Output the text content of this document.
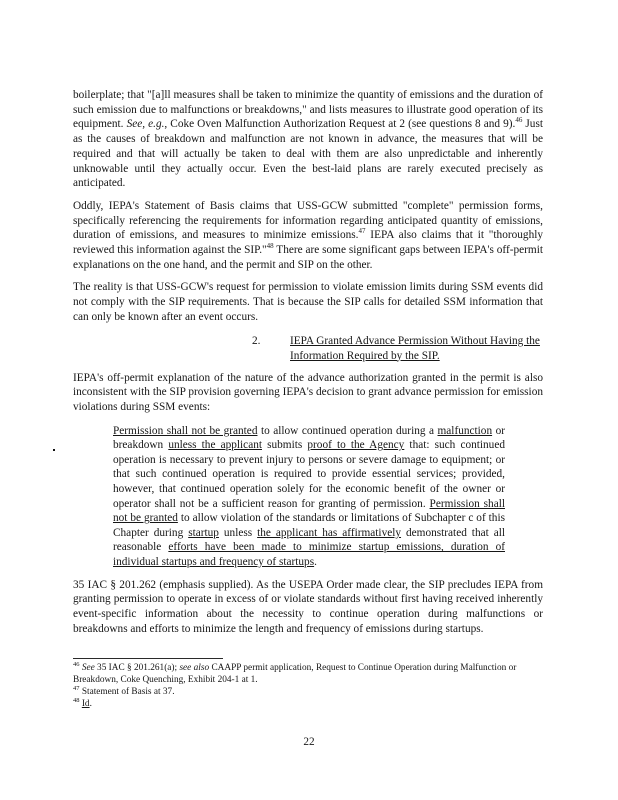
boilerplate; that "[a]ll measures shall be taken to minimize the quantity of emissions and the duration of such emission due to malfunctions or breakdowns," and lists measures to illustrate good operation of its equipment. See, e.g., Coke Oven Malfunction Authorization Request at 2 (see questions 8 and 9).$^{46}$ Just as the causes of breakdown and malfunction are not known in advance, the measures that will be required and that will actually be taken to deal with them are also unpredictable and inherently unknowable until they actually occur. Even the best-laid plans are rarely executed precisely as anticipated.

Oddly, IEPA's Statement of Basis claims that USS-GCW submitted "complete" permission forms, specifically referencing the requirements for information regarding anticipated quantity of emissions, duration of emissions, and measures to minimize emissions.$^{47}$ IEPA also claims that it "thoroughly reviewed this information against the SIP."$^{48}$ There are some significant gaps between IEPA's off-permit explanations on the one hand, and the permit and SIP on the other.

The reality is that USS-GCW's request for permission to violate emission limits during SSM events did not comply with the SIP requirements. That is because the SIP calls for detailed SSM information that can only be known after an event occurs.

2.	IEPA Granted Advance Permission Without Having the Information Required by the SIP.

IEPA's off-permit explanation of the nature of the advance authorization granted in the permit is also inconsistent with the SIP provision governing IEPA's decision to grant advance permission for emission violations during SSM events:

Permission shall not be granted to allow continued operation during a malfunction or breakdown unless the applicant submits proof to the Agency that: such continued operation is necessary to prevent injury to persons or severe damage to equipment; or that such continued operation is required to provide essential services; provided, however, that continued operation solely for the economic benefit of the owner or operator shall not be a sufficient reason for granting of permission. Permission shall not be granted to allow violation of the standards or limitations of Subchapter c of this Chapter during startup unless the applicant has affirmatively demonstrated that all reasonable efforts have been made to minimize startup emissions, duration of individual startups and frequency of startups.

35 IAC § 201.262 (emphasis supplied). As the USEPA Order made clear, the SIP precludes IEPA from granting permission to operate in excess of or violate standards without first having received inherently event-specific information about the necessity to continue operation during malfunctions or breakdowns and efforts to minimize the length and frequency of emissions during startups.

$^{46}$ See 35 IAC § 201.261(a); see also CAAPP permit application, Request to Continue Operation during Malfunction or Breakdown, Coke Quenching, Exhibit 204-1 at 1.

$^{47}$ Statement of Basis at 37.

$^{48}$ Id.

22
